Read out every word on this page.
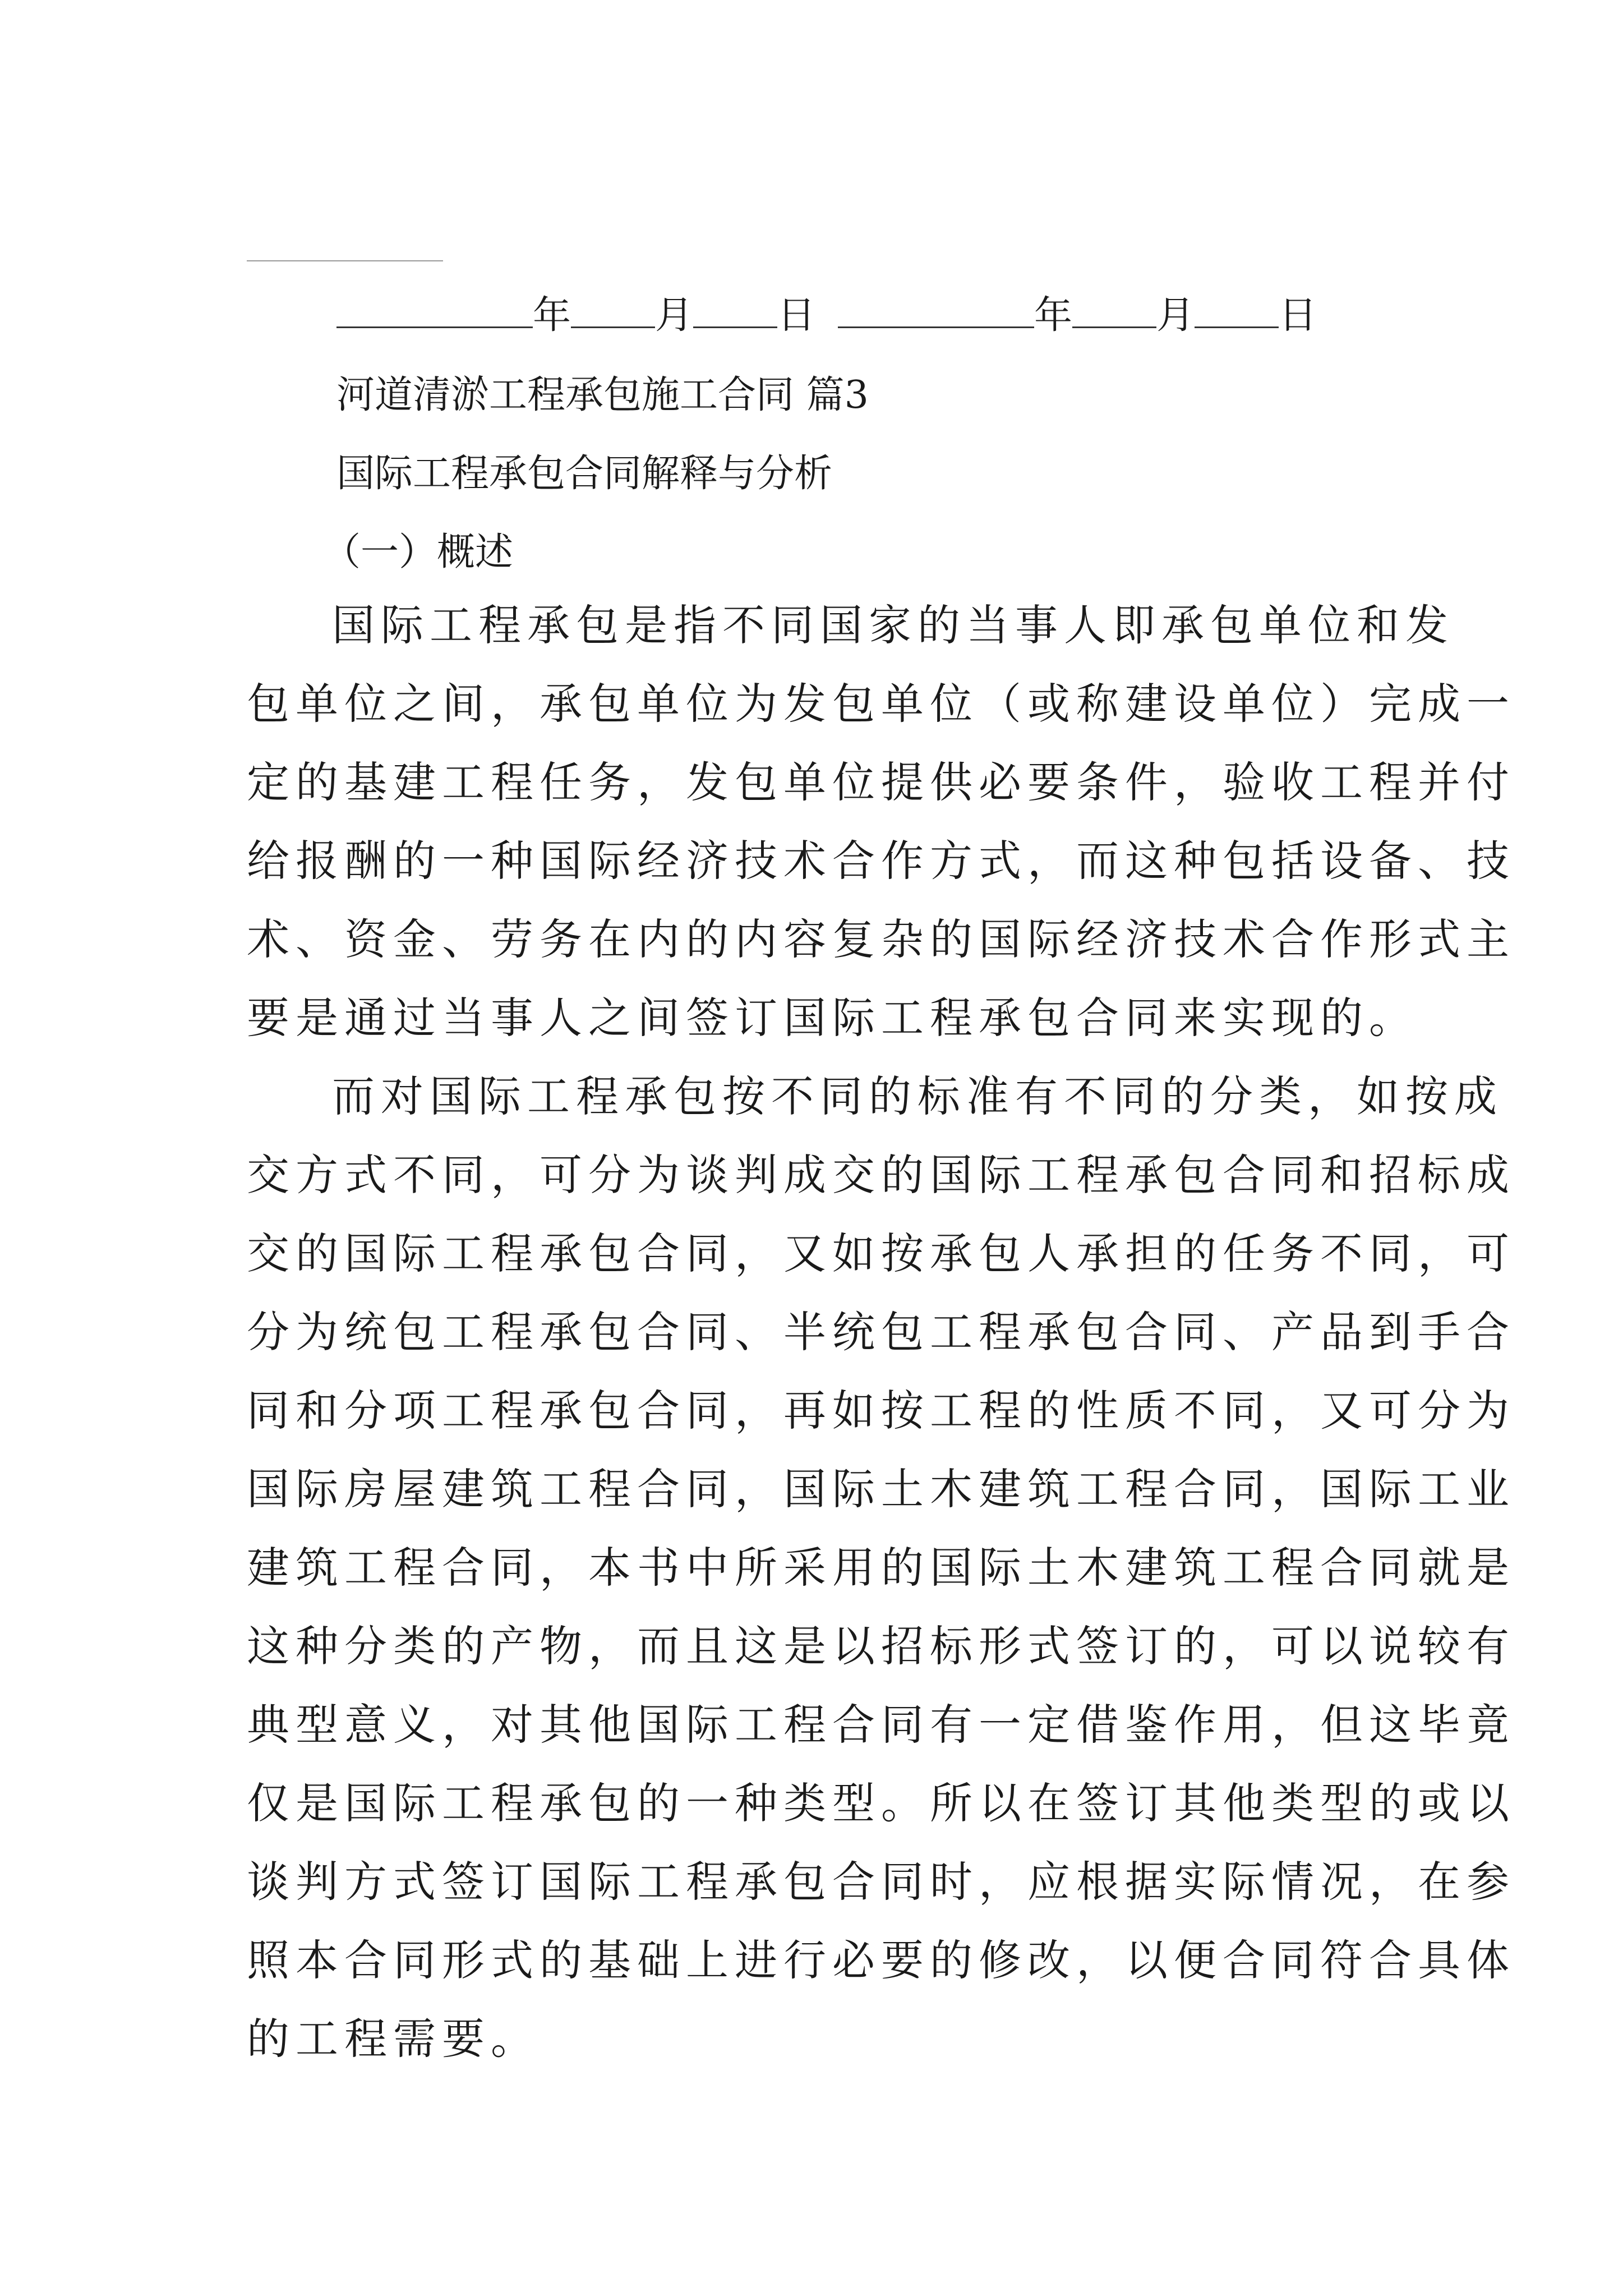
年 月 日	年 月 日
河道清淤工程承包施工合同 篇3
国际工程承包合同解释与分析
（一）概述
国际工程承包是指不同国家的当事人即承包单位和发
包单位之间，承包单位为发包单位（或称建设单位）完成一
定的基建工程任务，发包单位提供必要条件，验收工程并付
给报酬的一种国际经济技术合作方式，而这种包括设备、技
术、资金、劳务在内的内容复杂的国际经济技术合作形式主
要是通过当事人之间签订国际工程承包合同来实现的。
而对国际工程承包按不同的标准有不同的分类，如按成
交方式不同，可分为谈判成交的国际工程承包合同和招标成
交的国际工程承包合同，又如按承包人承担的任务不同，可
分为统包工程承包合同、半统包工程承包合同、产品到手合
同和分项工程承包合同，再如按工程的性质不同，又可分为
国际房屋建筑工程合同，国际土木建筑工程合同，国际工业
建筑工程合同，本书中所采用的国际土木建筑工程合同就是
这种分类的产物，而且这是以招标形式签订的，可以说较有
典型意义，对其他国际工程合同有一定借鉴作用，但这毕竟
仅是国际工程承包的一种类型。所以在签订其他类型的或以
谈判方式签订国际工程承包合同时，应根据实际情况，在参
照本合同形式的基础上进行必要的修改，以便合同符合具体
的工程需要。
